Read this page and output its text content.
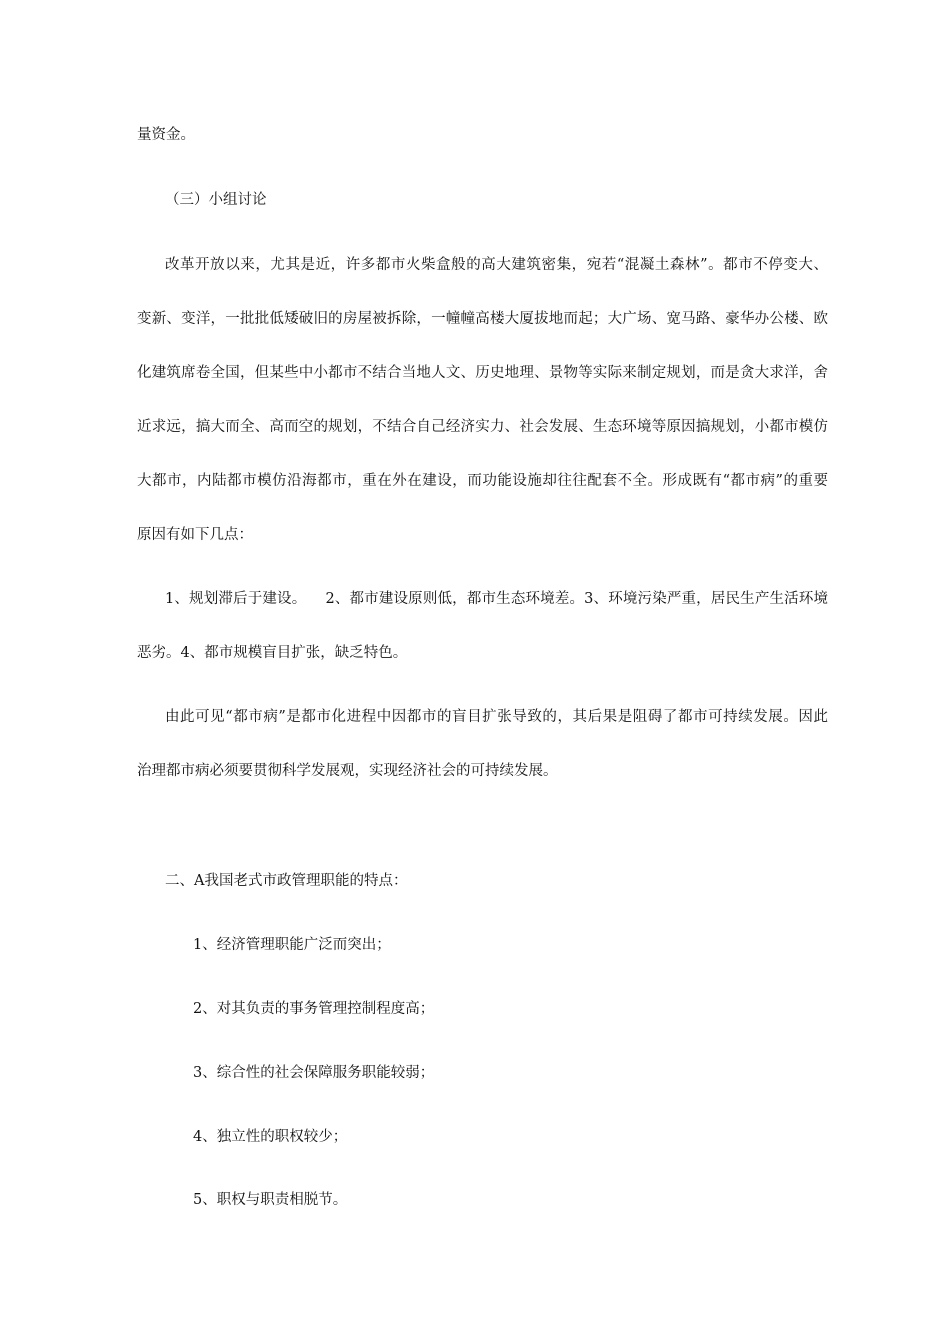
量资金。
（三）小组讨论
改革开放以来，尤其是近，许多都市火柴盒般的高大建筑密集，宛若“混凝土森林”。都市不停变大、
变新、变洋，一批批低矮破旧的房屋被拆除，一幢幢高楼大厦拔地而起；大广场、宽马路、豪华办公楼、欧
化建筑席卷全国，但某些中小都市不结合当地人文、历史地理、景物等实际来制定规划，而是贪大求洋，舍
近求远，搞大而全、高而空的规划，不结合自己经济实力、社会发展、生态环境等原因搞规划，小都市模仿
大都市，内陆都市模仿沿海都市，重在外在建设，而功能设施却往往配套不全。形成既有“都市病”的重要
原因有如下几点：
1、规划滞后于建设。    2、都市建设原则低，都市生态环境差。3、环境污染严重，居民生产生活环境
恶劣。4、都市规模盲目扩张，缺乏特色。
由此可见“都市病”是都市化进程中因都市的盲目扩张导致的，其后果是阻碍了都市可持续发展。因此
治理都市病必须要贯彻科学发展观，实现经济社会的可持续发展。
二、A我国老式市政管理职能的特点：
1、经济管理职能广泛而突出；
2、对其负责的事务管理控制程度高；
3、综合性的社会保障服务职能较弱；
4、独立性的职权较少；
5、职权与职责相脱节。
